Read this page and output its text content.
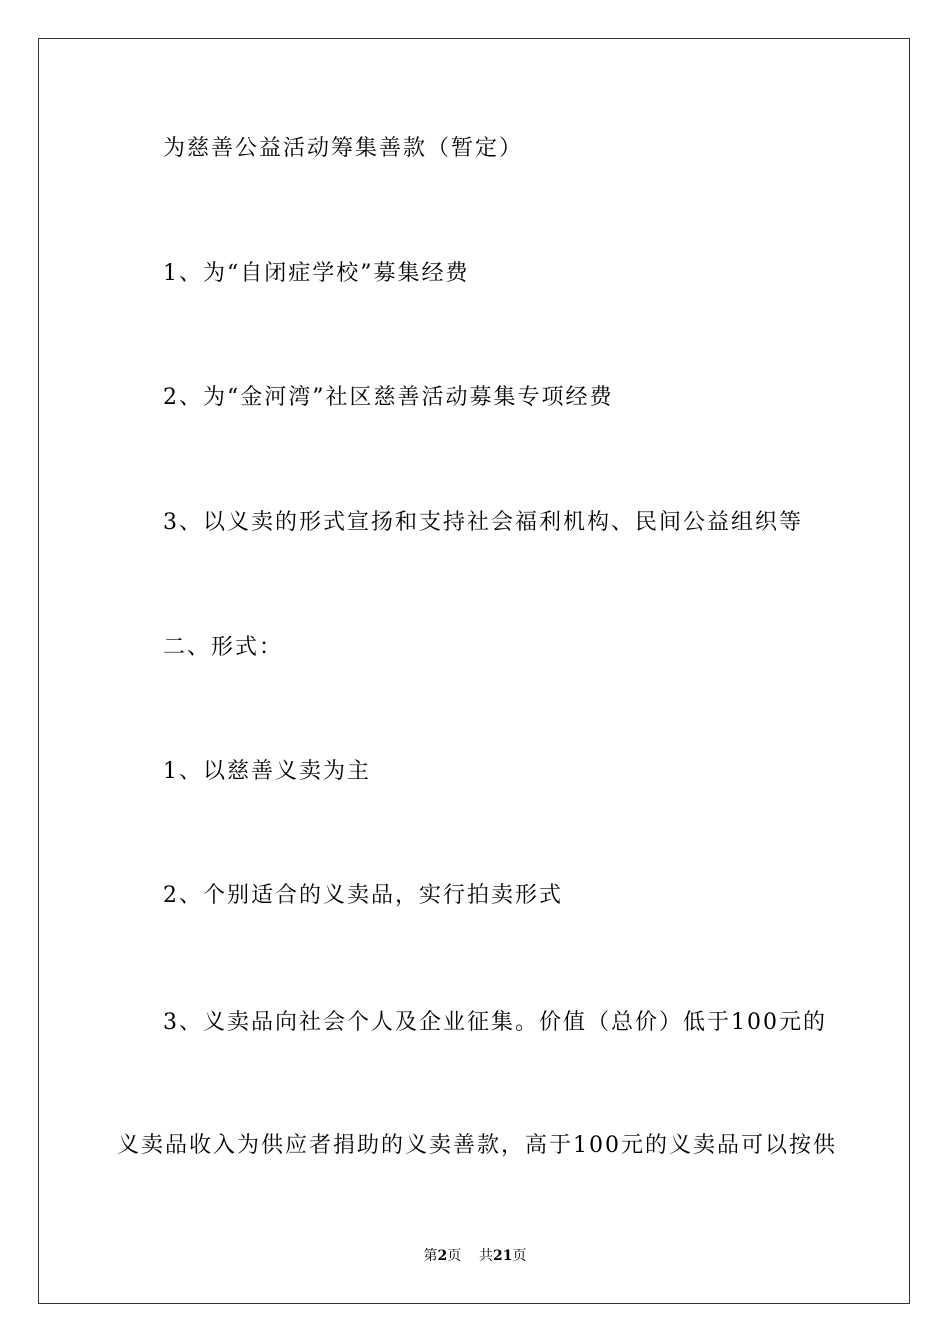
为慈善公益活动筹集善款（暂定）
1、为“自闭症学校”募集经费
2、为“金河湾”社区慈善活动募集专项经费
3、以义卖的形式宣扬和支持社会福利机构、民间公益组织等
二、形式：
1、以慈善义卖为主
2、个别适合的义卖品，实行拍卖形式
3、义卖品向社会个人及企业征集。价值（总价）低于100元的
义卖品收入为供应者捐助的义卖善款，高于100元的义卖品可以按供
第2页 共21页
